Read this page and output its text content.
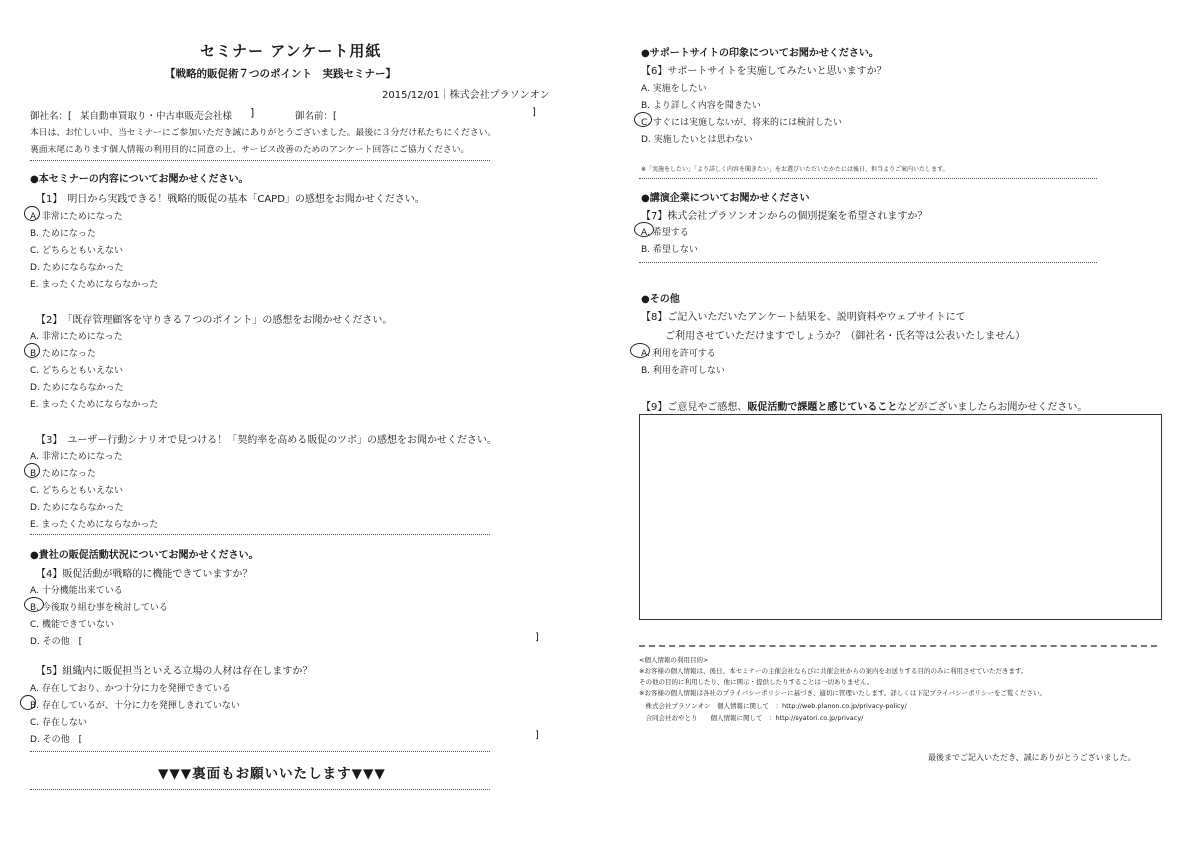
セミナー アンケート用紙
【戦略的販促術７つのポイント　実践セミナー】
2015/12/01｜株式会社プラソンオン
御社名：[ 某自動車買取り・中古車販売会社様 ]	御名前：[	]
本日は、お忙しい中、当セミナーにご参加いただき誠にありがとうございました。最後に３分だけ私たちにください。
裏面末尾にあります個人情報の利用目的に同意の上、サービス改善のためのアンケート回答にご協力ください。
●本セミナーの内容についてお聞かせください。
【1】　明日から実践できる！戦略的販促の基本「CAPD」の感想をお聞かせください。
A. 非常にためになった
B. ためになった
C. どちらともいえない
D. ためにならなかった
E. まったくためにならなかった
【2】　「既存管理顧客を守りきる７つのポイント」の感想をお聞かせください。
A. 非常にためになった
B. ためになった
C. どちらともいえない
D. ためにならなかった
E. まったくためにならなかった
【3】　ユーザー行動シナリオで見つける！「契約率を高める販促のツボ」の感想をお聞かせください。
A. 非常にためになった
B. ためになった
C. どちらともいえない
D. ためにならなかった
E. まったくためにならなかった
●貴社の販促活動状況についてお聞かせください。
【4】販促活動が戦略的に機能できていますか？
A. 十分機能出来ている
B. 今後取り組む事を検討している
C. 機能できていない
D. その他　[	]
【5】組織内に販促担当といえる立場の人材は存在しますか？
A. 存在しており、かつ十分に力を発揮できている
B. 存在しているが、十分に力を発揮しきれていない
C. 存在しない
D. その他　[	]
▼▼▼裏面もお願いいたします▼▼▼
●サポートサイトの印象についてお聞かせください。
【6】サポートサイトを実施してみたいと思いますか？
A. 実施をしたい
B. より詳しく内容を聞きたい
C. すぐには実施しないが、将来的には検討したい
D. 実施したいとは思わない
※「実施をしたい」「より詳しく内容を聞きたい」をお選びいただいたかたには後日、担当よりご案内いたします。
●講演企業についてお聞かせください
【7】株式会社プラソンオンからの個別提案を希望されますか？
A. 希望する
B. 希望しない
●その他
【8】ご記入いただいたアンケート結果を、説明資料やウェブサイトにて
ご利用させていただけますでしょうか？（御社名・氏名等は公表いたしません）
A. 利用を許可する
B. 利用を許可しない
【9】ご意見やご感想、販促活動で課題と感じていることなどがございましたらお聞かせください。
<個人情報の利用目的>
※お客様の個人情報は、後日、本セミナーの主催会社ならびに共催会社からの案内をお送りする目的のみに利用させていただきます。
その他の目的に利用したり、他に開示・提供したりすることは一切ありません。
※お客様の個人情報は各社のプライバシーポリシーに基づき、適切に管理いたします。詳しくは下記プライバシーポリシーをご覧ください。
　株式会社プラソンオン　個人情報に関して　：http://web.planon.co.jp/privacy-policy/
　合同会社おやとり　　個人情報に関して　：http://syatori.co.jp/privacy/
最後までご記入いただき、誠にありがとうございました。
